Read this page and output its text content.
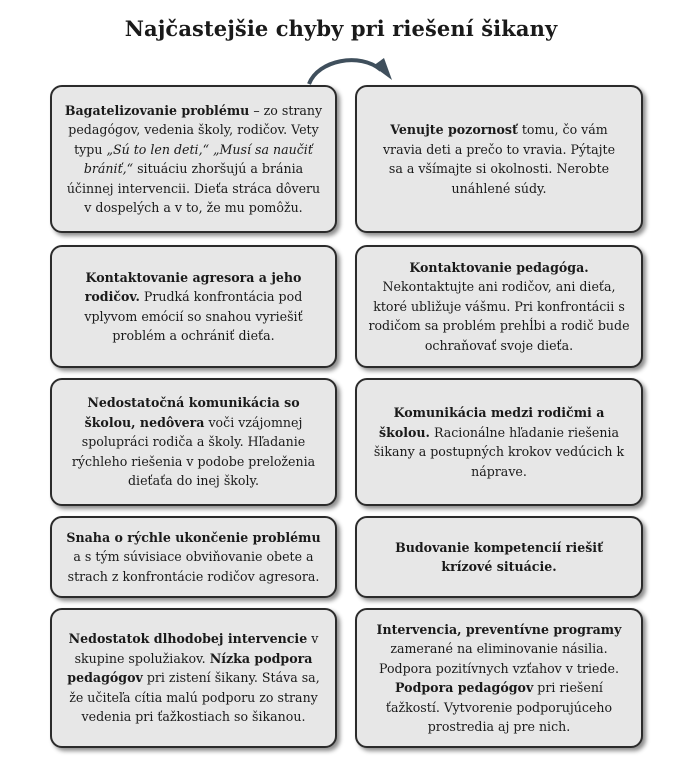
Najčastejšie chyby pri riešení šikany

Bagatelizovanie problému – zo strany pedagógov, vedenia školy, rodičov. Vety typu „Sú to len deti,“ „Musí sa naučiť brániť,“ situáciu zhoršujú a bránia účinnej intervencii. Dieťa stráca dôveru v dospelých a v to, že mu pomôžu.

Venujte pozornosť tomu, čo vám vravia deti a prečo to vravia. Pýtajte sa a všímajte si okolnosti. Nerobte unáhlené súdy.

Kontaktovanie agresora a jeho rodičov. Prudká konfrontácia pod vplyvom emócií so snahou vyriešiť problém a ochrániť dieťa.

Kontaktovanie pedagóga. Nekontaktujte ani rodičov, ani dieťa, ktoré ubližuje vášmu. Pri konfrontácii s rodičom sa problém prehĺbi a rodič bude ochraňovať svoje dieťa.

Nedostatočná komunikácia so školou, nedôvera voči vzájomnej spolupráci rodiča a školy. Hľadanie rýchleho riešenia v podobe preloženia dieťaťa do inej školy.

Komunikácia medzi rodičmi a školou. Racionálne hľadanie riešenia šikany a postupných krokov vedúcich k náprave.

Snaha o rýchle ukončenie problému a s tým súvisiace obviňovanie obete a strach z konfrontácie rodičov agresora.

Budovanie kompetencií riešiť krízové situácie.

Nedostatok dlhodobej intervencie v skupine spolužiakov. Nízka podpora pedagógov pri zistení šikany. Stáva sa, že učiteľa cítia malú podporu zo strany vedenia pri ťažkostiach so šikanou.

Intervencia, preventívne programy zamerané na eliminovanie násilia. Podpora pozitívnych vzťahov v triede. Podpora pedagógov pri riešení ťažkostí. Vytvorenie podporujúceho prostredia aj pre nich.
